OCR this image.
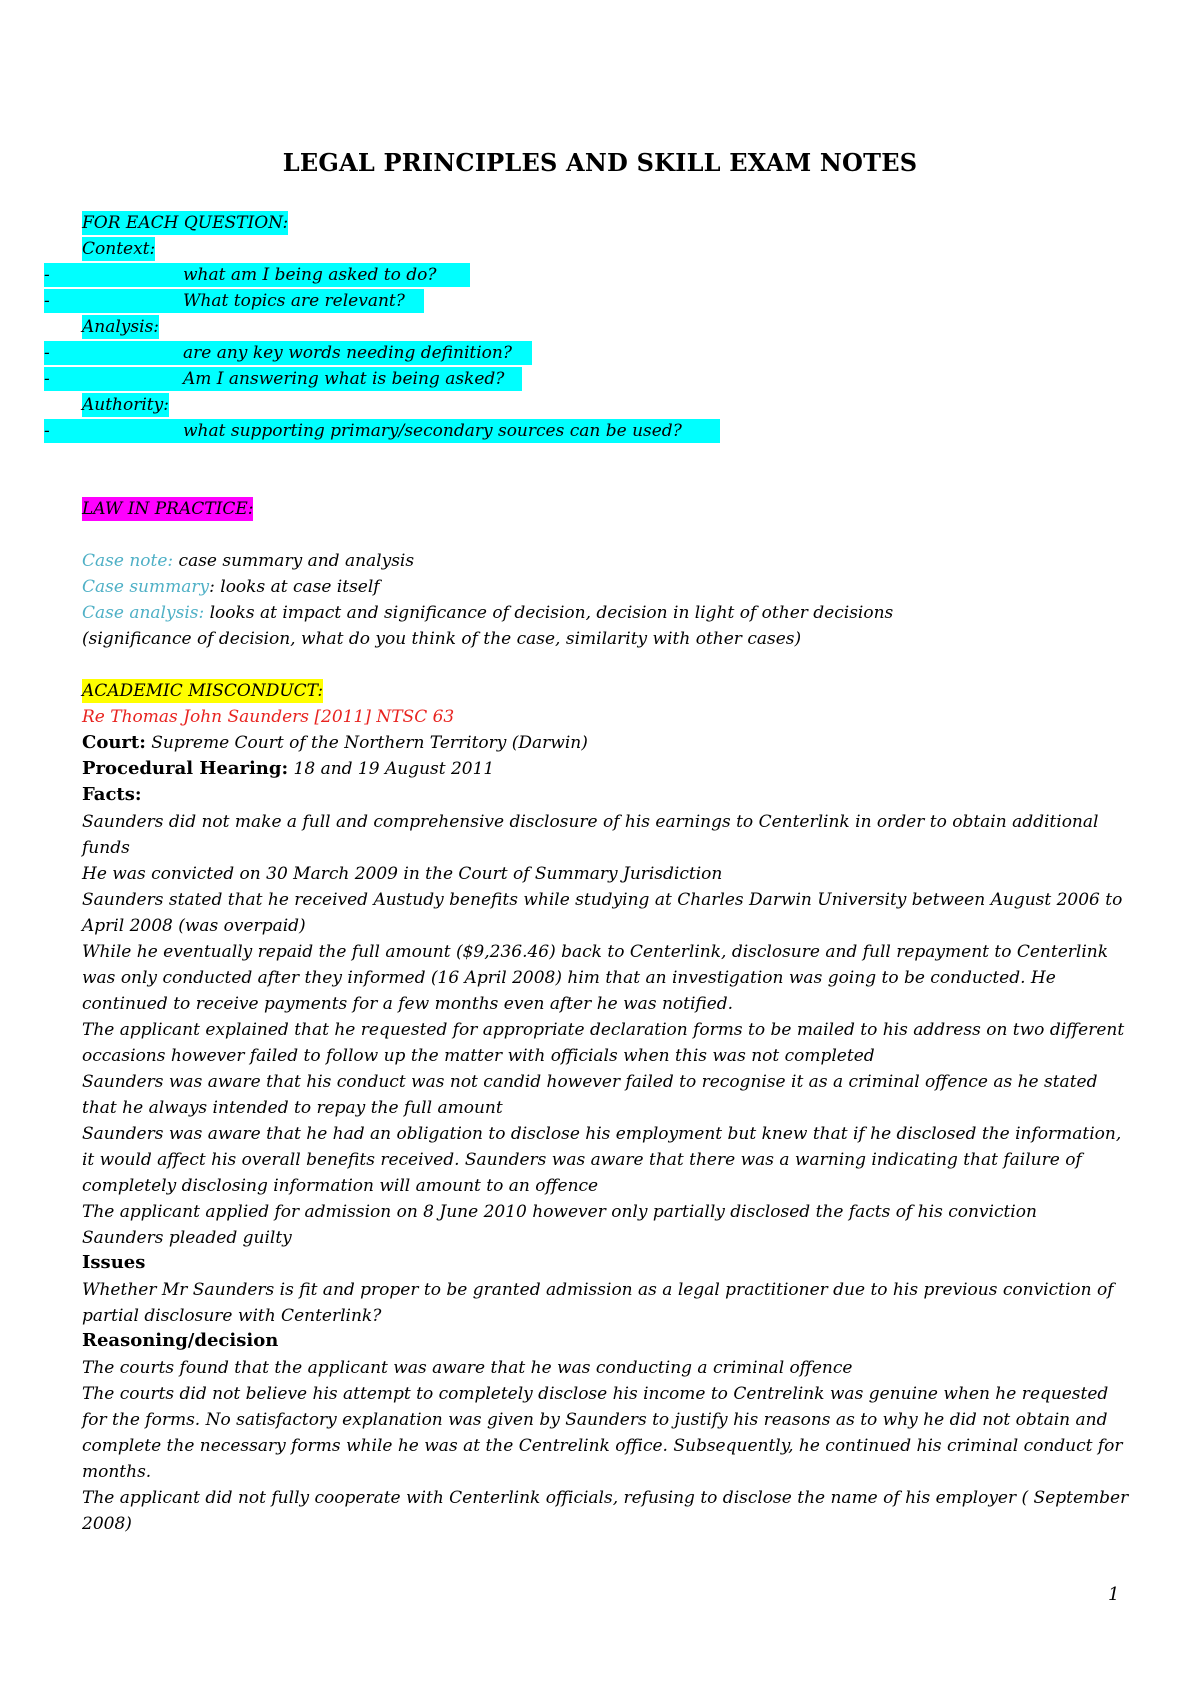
LEGAL PRINCIPLES AND SKILL EXAM NOTES
FOR EACH QUESTION:
Context:
-	what am I being asked to do?
-	What topics are relevant?
Analysis:
-	are any key words needing definition?
-	Am I answering what is being asked?
Authority:
-	what supporting primary/secondary sources can be used?
LAW IN PRACTICE:
Case note: case summary and analysis
Case summary: looks at case itself
Case analysis: looks at impact and significance of decision, decision in light of other decisions
(significance of decision, what do you think of the case, similarity with other cases)
ACADEMIC MISCONDUCT:
Re Thomas John Saunders [2011] NTSC 63
Court: Supreme Court of the Northern Territory (Darwin)
Procedural Hearing: 18 and 19 August 2011
Facts:

Saunders did not make a full and comprehensive disclosure of his earnings to Centerlink in order to obtain additional funds

He was convicted on 30 March 2009 in the Court of Summary Jurisdiction

Saunders stated that he received Austudy benefits while studying at Charles Darwin University between August 2006 to April 2008 (was overpaid)

While he eventually repaid the full amount ($9,236.46) back to Centerlink, disclosure and full repayment to Centerlink was only conducted after they informed (16 April 2008) him that an investigation was going to be conducted. He continued to receive payments for a few months even after he was notified.

The applicant explained that he requested for appropriate declaration forms to be mailed to his address on two different occasions however failed to follow up the matter with officials when this was not completed

Saunders was aware that his conduct was not candid however failed to recognise it as a criminal offence as he stated that he always intended to repay the full amount

Saunders was aware that he had an obligation to disclose his employment but knew that if he disclosed the information, it would affect his overall benefits received. Saunders was aware that there was a warning indicating that failure of completely disclosing information will amount to an offence

The applicant applied for admission on 8 June 2010 however only partially disclosed the facts of his conviction

Saunders pleaded guilty

Issues

Whether Mr Saunders is fit and proper to be granted admission as a legal practitioner due to his previous conviction of partial disclosure with Centerlink?

Reasoning/decision

The courts found that the applicant was aware that he was conducting a criminal offence

The courts did not believe his attempt to completely disclose his income to Centrelink was genuine when he requested for the forms. No satisfactory explanation was given by Saunders to justify his reasons as to why he did not obtain and complete the necessary forms while he was at the Centrelink office. Subsequently, he continued his criminal conduct for months.

The applicant did not fully cooperate with Centerlink officials, refusing to disclose the name of his employer ( September 2008)

1
